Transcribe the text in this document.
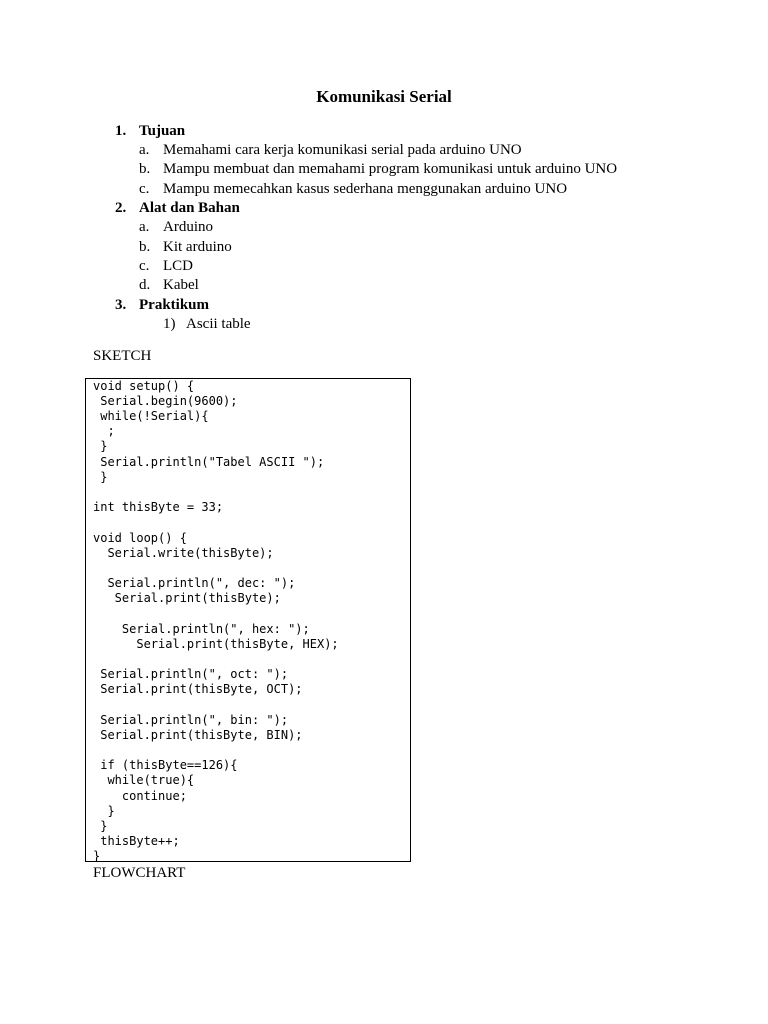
Komunikasi Serial
1. Tujuan
a. Memahami cara kerja komunikasi serial pada arduino UNO
b. Mampu membuat dan memahami program komunikasi untuk arduino UNO
c. Mampu memecahkan kasus sederhana menggunakan arduino UNO
2. Alat dan Bahan
a. Arduino
b. Kit arduino
c. LCD
d. Kabel
3. Praktikum
1) Ascii table
SKETCH
void setup() {
Serial.begin(9600);
while(!Serial){
;
}
Serial.println("Tabel ASCII ");
}
int thisByte = 33;
void loop() {
Serial.write(thisByte);
Serial.println(", dec: ");
Serial.print(thisByte);
Serial.println(", hex: ");
Serial.print(thisByte, HEX);
Serial.println(", oct: ");
Serial.print(thisByte, OCT);
Serial.println(", bin: ");
Serial.print(thisByte, BIN);
if (thisByte==126){
while(true){
continue;
}
}
thisByte++;
}
FLOWCHART
